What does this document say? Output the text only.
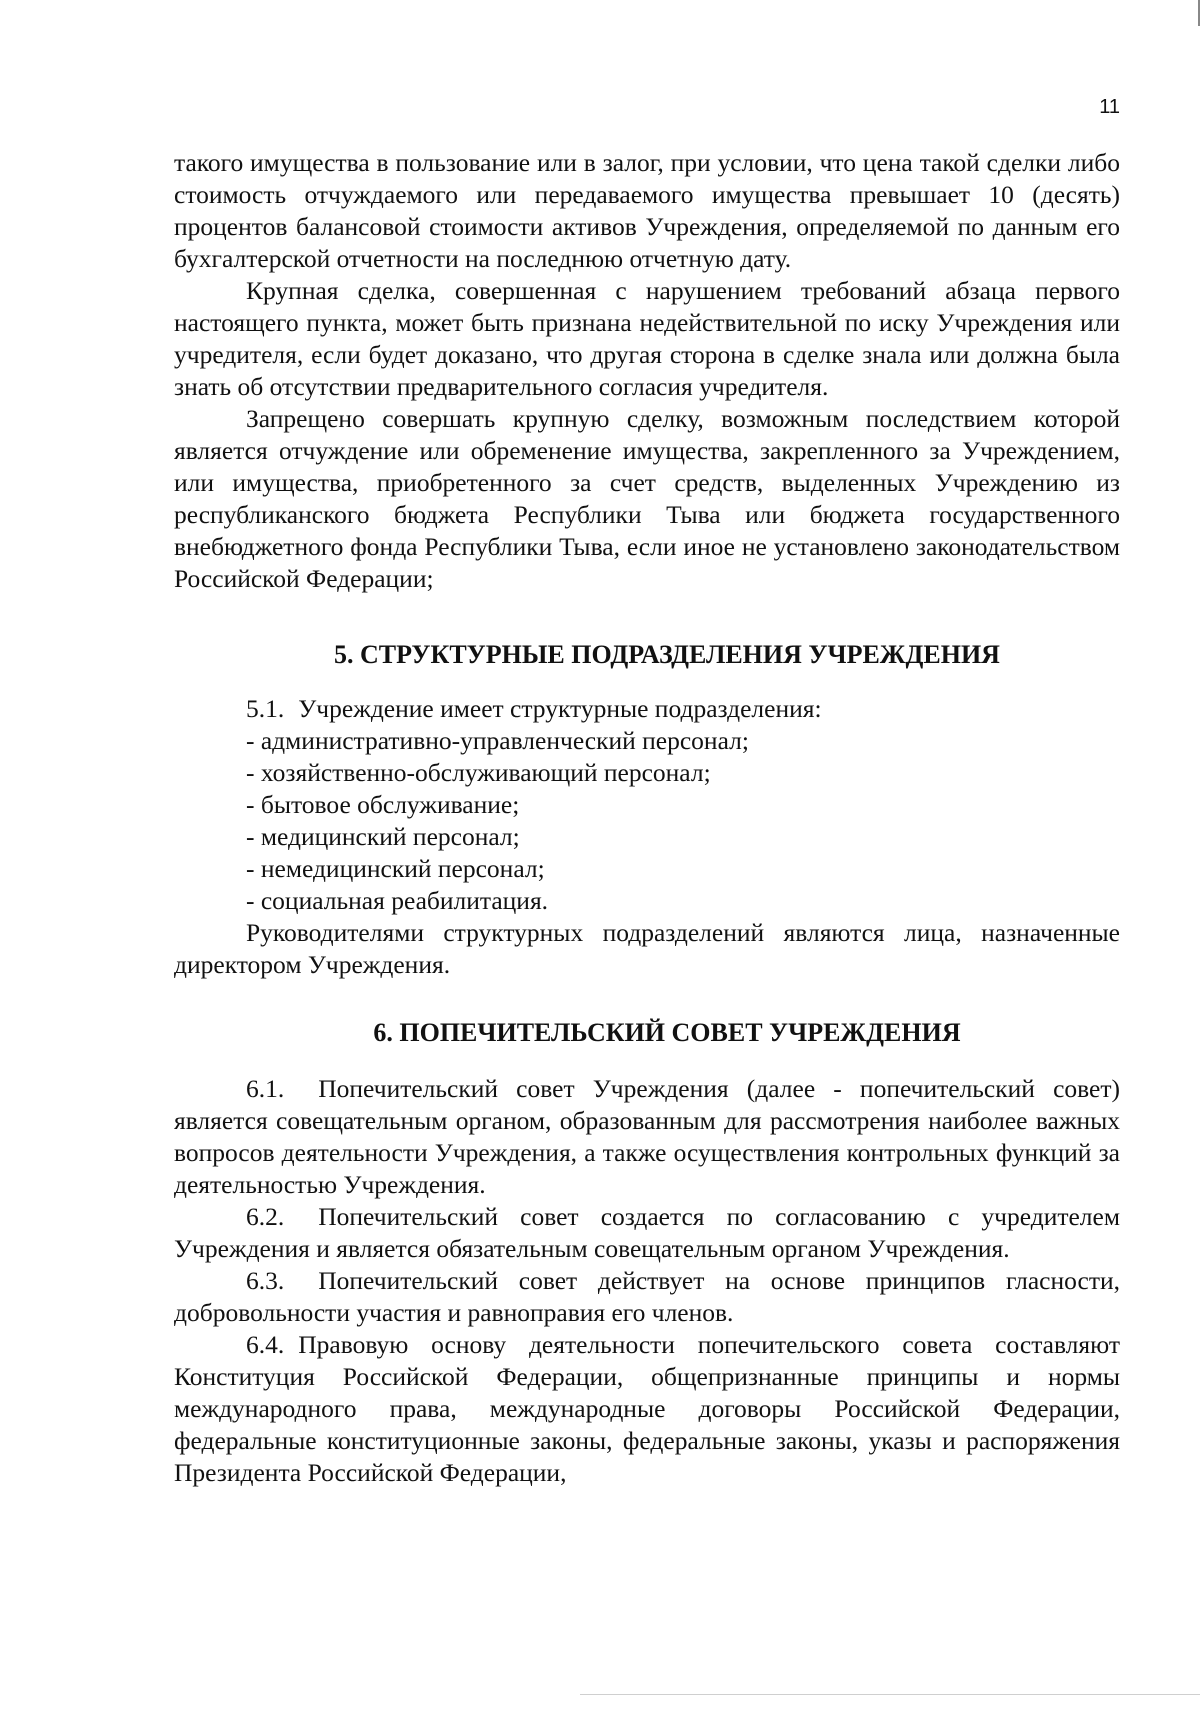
11

такого имущества в пользование или в залог, при условии, что цена такой сделки либо стоимость отчуждаемого или передаваемого имущества превышает 10 (десять) процентов балансовой стоимости активов Учреждения, определяемой по данным его бухгалтерской отчетности на последнюю отчетную дату.

Крупная сделка, совершенная с нарушением требований абзаца первого настоящего пункта, может быть признана недействительной по иску Учреждения или учредителя, если будет доказано, что другая сторона в сделке знала или должна была знать об отсутствии предварительного согласия учредителя.

Запрещено совершать крупную сделку, возможным последствием которой является отчуждение или обременение имущества, закрепленного за Учреждением, или имущества, приобретенного за счет средств, выделенных Учреждению из республиканского бюджета Республики Тыва или бюджета государственного внебюджетного фонда Республики Тыва, если иное не установлено законодательством Российской Федерации;

5. СТРУКТУРНЫЕ ПОДРАЗДЕЛЕНИЯ УЧРЕЖДЕНИЯ

5.1. Учреждение имеет структурные подразделения:

- административно-управленческий персонал;
- хозяйственно-обслуживающий персонал;
- бытовое обслуживание;
- медицинский персонал;
- немедицинский персонал;
- социальная реабилитация.

Руководителями структурных подразделений являются лица, назначенные директором Учреждения.

6. ПОПЕЧИТЕЛЬСКИЙ СОВЕТ УЧРЕЖДЕНИЯ

6.1. Попечительский совет Учреждения (далее - попечительский совет) является совещательным органом, образованным для рассмотрения наиболее важных вопросов деятельности Учреждения, а также осуществления контрольных функций за деятельностью Учреждения.

6.2. Попечительский совет создается по согласованию с учредителем Учреждения и является обязательным совещательным органом Учреждения.

6.3. Попечительский совет действует на основе принципов гласности, добровольности участия и равноправия его членов.

6.4. Правовую основу деятельности попечительского совета составляют Конституция Российской Федерации, общепризнанные принципы и нормы международного права, международные договоры Российской Федерации, федеральные конституционные законы, федеральные законы, указы и распоряжения Президента Российской Федерации,
